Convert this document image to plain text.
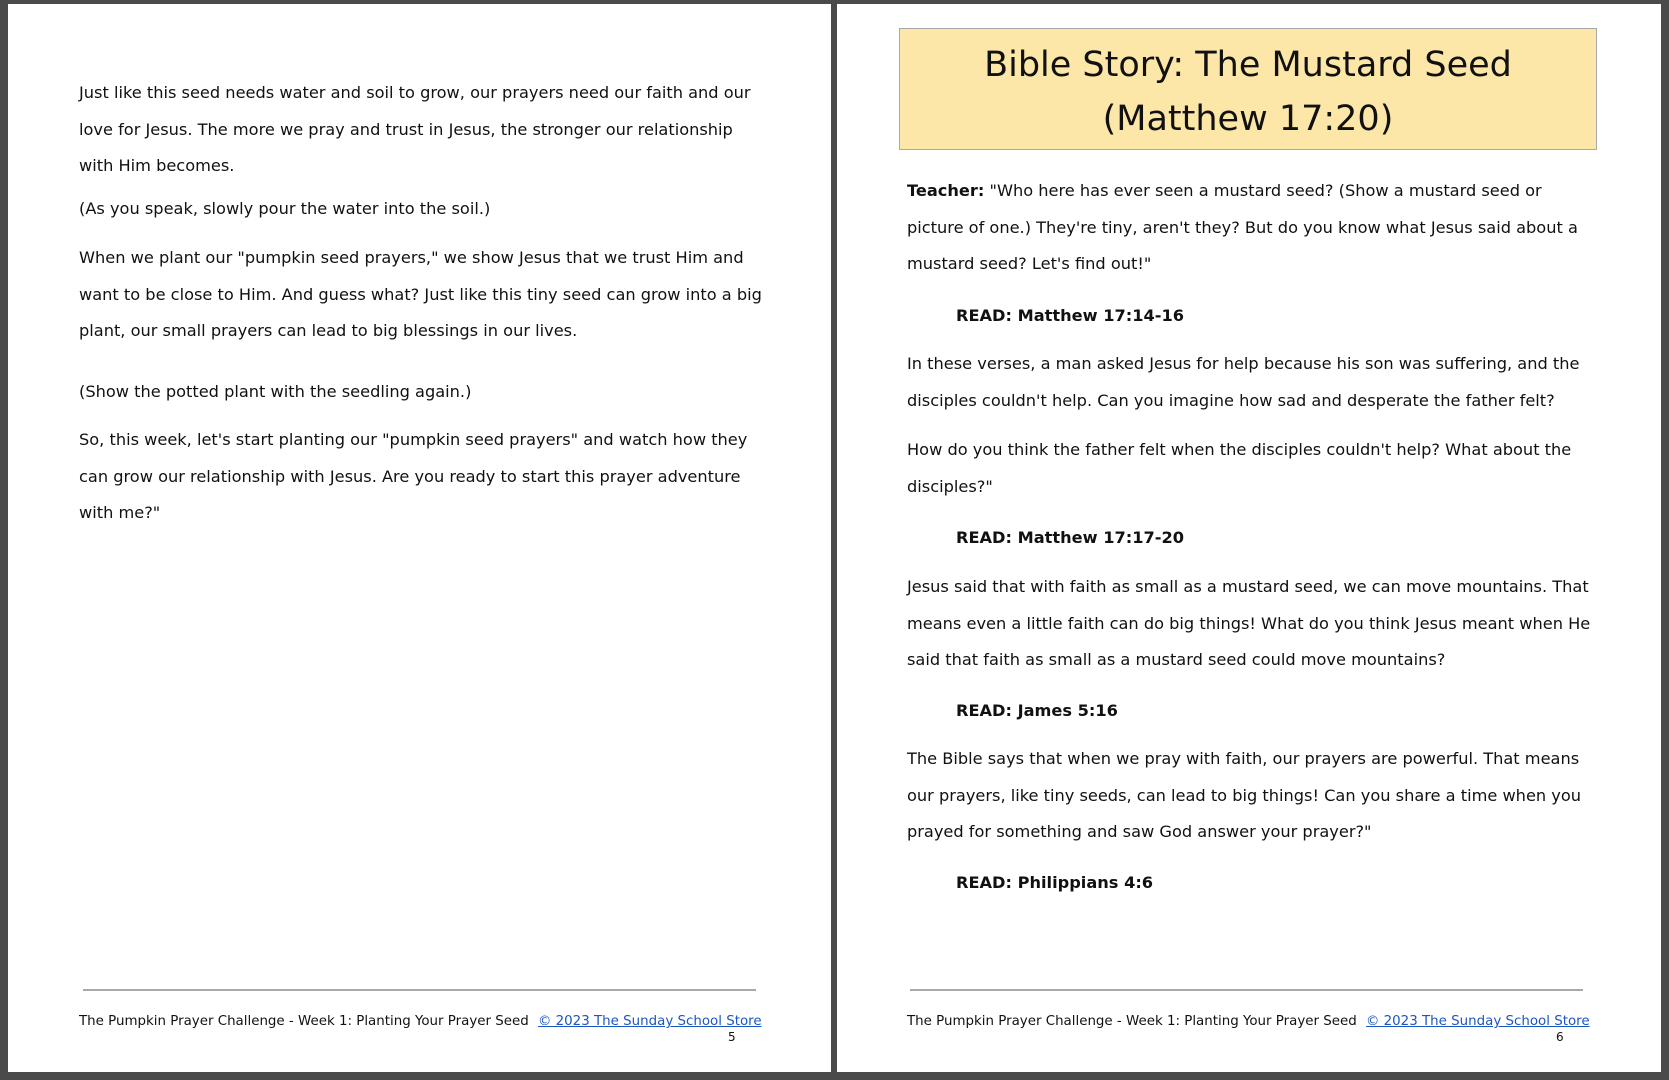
Just like this seed needs water and soil to grow, our prayers need our faith and our love for Jesus. The more we pray and trust in Jesus, the stronger our relationship with Him becomes.

(As you speak, slowly pour the water into the soil.)

When we plant our "pumpkin seed prayers," we show Jesus that we trust Him and want to be close to Him. And guess what? Just like this tiny seed can grow into a big plant, our small prayers can lead to big blessings in our lives.

(Show the potted plant with the seedling again.)

So, this week, let's start planting our "pumpkin seed prayers" and watch how they can grow our relationship with Jesus. Are you ready to start this prayer adventure with me?"

The Pumpkin Prayer Challenge - Week 1: Planting Your Prayer Seed © 2023 The Sunday School Store
5
Bible Story: The Mustard Seed
(Matthew 17:20)

Teacher: "Who here has ever seen a mustard seed? (Show a mustard seed or picture of one.) They're tiny, aren't they? But do you know what Jesus said about a mustard seed? Let's find out!"

READ: Matthew 17:14-16

In these verses, a man asked Jesus for help because his son was suffering, and the disciples couldn't help. Can you imagine how sad and desperate the father felt?

How do you think the father felt when the disciples couldn't help? What about the disciples?"

READ: Matthew 17:17-20

Jesus said that with faith as small as a mustard seed, we can move mountains. That means even a little faith can do big things! What do you think Jesus meant when He said that faith as small as a mustard seed could move mountains?

READ: James 5:16

The Bible says that when we pray with faith, our prayers are powerful. That means our prayers, like tiny seeds, can lead to big things! Can you share a time when you prayed for something and saw God answer your prayer?"

READ: Philippians 4:6

The Pumpkin Prayer Challenge - Week 1: Planting Your Prayer Seed © 2023 The Sunday School Store
6
